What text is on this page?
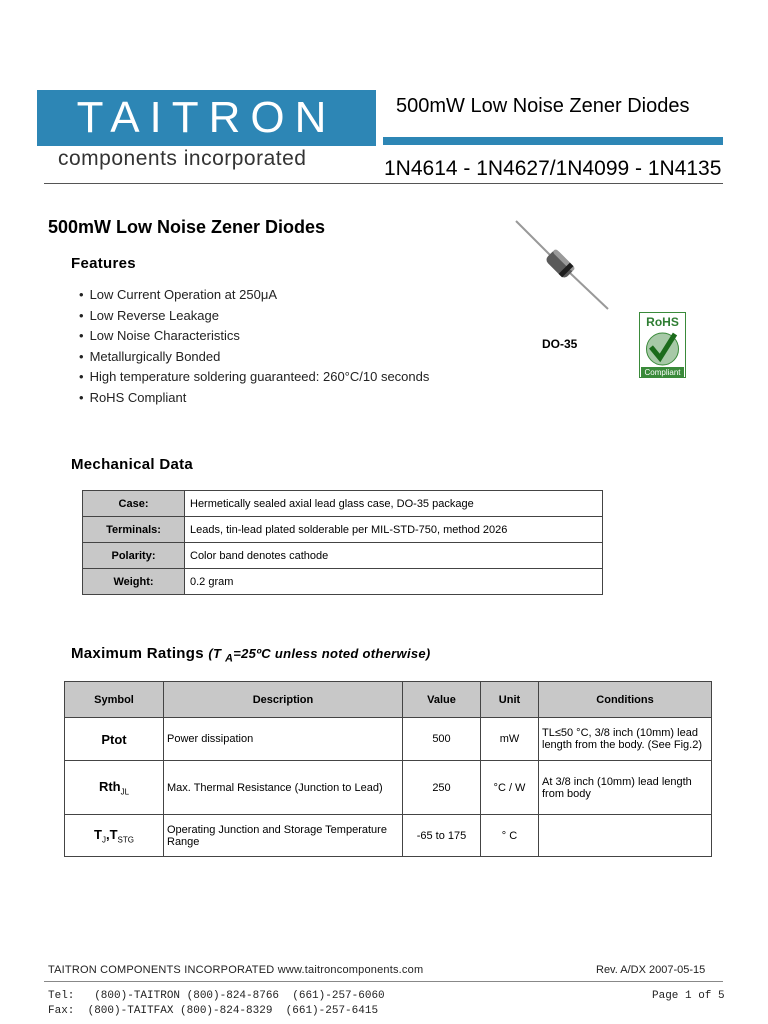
TAITRON
components incorporated
500mW Low Noise Zener Diodes
1N4614 - 1N4627/1N4099 - 1N4135
500mW Low Noise Zener Diodes
Features
• Low Current Operation at 250μA
• Low Reverse Leakage
• Low Noise Characteristics
• Metallurgically Bonded
• High temperature soldering guaranteed: 260°C/10 seconds
• RoHS Compliant
DO-35
RoHS
Compliant
Mechanical Data
Case:	Hermetically sealed axial lead glass case, DO-35 package
Terminals:	Leads, tin-lead plated solderable per MIL-STD-750, method 2026
Polarity:	Color band denotes cathode
Weight:	0.2 gram
Maximum Ratings (T $_A$=25ºC unless noted otherwise)
Symbol	Description	Value	Unit	Conditions
Ptot	Power dissipation	500	mW	TL≤50 °C, 3/8 inch (10mm) lead length from the body. (See Fig.2)
Rth$_{JL}$	Max. Thermal Resistance (Junction to Lead)	250	°C / W	At 3/8 inch (10mm) lead length from body
$T_J,T_{STG}$	Operating Junction and Storage Temperature Range	-65 to 175	° C	
TAITRON COMPONENTS INCORPORATED www.taitroncomponents.com	Rev. A/DX 2007-05-15
Tel:   (800)-TAITRON (800)-824-8766  (661)-257-6060
Fax:  (800)-TAITFAX (800)-824-8329  (661)-257-6415
Page 1 of 5
